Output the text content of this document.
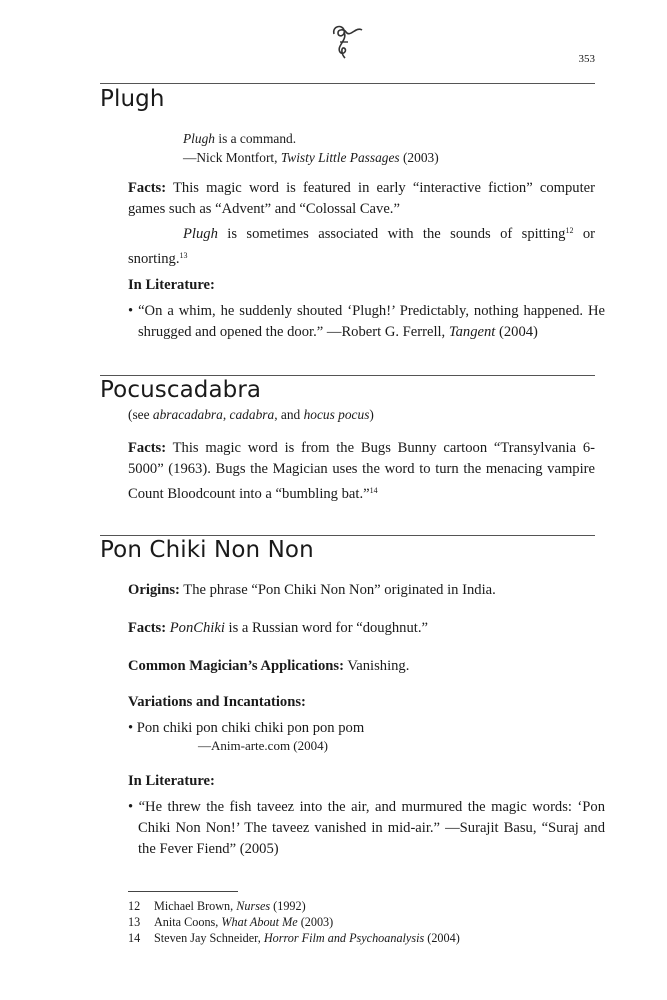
353
Plugh
Plugh is a command.
—Nick Montfort, Twisty Little Passages (2003)
Facts: This magic word is featured in early “interactive fiction” computer games such as “Advent” and “Colossal Cave.”
Plugh is sometimes associated with the sounds of spitting$^{12}$ or snorting.$^{13}$
In Literature:
• “On a whim, he suddenly shouted ‘Plugh!’ Predictably, nothing happened. He shrugged and opened the door.” —Robert G. Ferrell, Tangent (2004)
Pocuscadabra
(see abracadabra, cadabra, and hocus pocus)
Facts: This magic word is from the Bugs Bunny cartoon “Transylvania 6-5000” (1963). Bugs the Magician uses the word to turn the menacing vampire Count Bloodcount into a “bumbling bat.”$^{14}$
Pon Chiki Non Non
Origins: The phrase “Pon Chiki Non Non” originated in India.
Facts: PonChiki is a Russian word for “doughnut.”
Common Magician’s Applications: Vanishing.
Variations and Incantations:
• Pon chiki pon chiki chiki pon pon pom
—Anim-arte.com (2004)
In Literature:
• “He threw the fish taveez into the air, and murmured the magic words: ‘Pon Chiki Non Non!’ The taveez vanished in mid-air.” —Surajit Basu, “Suraj and the Fever Fiend” (2005)
12 Michael Brown, Nurses (1992)
13 Anita Coons, What About Me (2003)
14 Steven Jay Schneider, Horror Film and Psychoanalysis (2004)
